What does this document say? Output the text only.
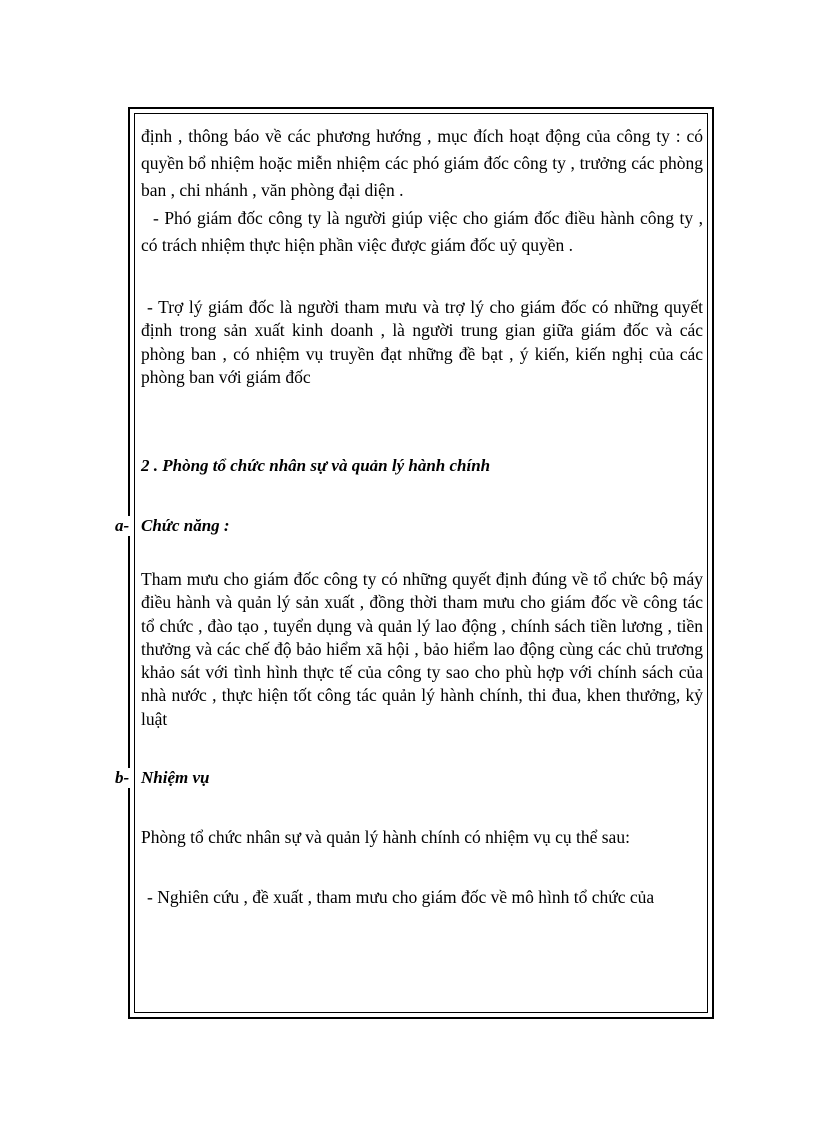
định , thông báo về các phương hướng , mục đích hoạt động của công ty : có quyền bổ nhiệm hoặc miễn nhiệm các phó giám đốc công ty , trưởng các phòng ban , chi nhánh , văn phòng đại diện .
- Phó giám đốc công ty là người giúp việc cho giám đốc điều hành công ty , có trách nhiệm thực hiện phần việc được giám đốc uỷ quyền .
- Trợ lý giám đốc là người tham mưu và trợ lý cho giám đốc có những quyết định trong sản xuất kinh doanh , là người trung gian giữa giám đốc và các phòng ban , có nhiệm vụ truyền đạt những đề bạt , ý kiến, kiến nghị của các phòng ban với giám đốc
2 . Phòng tổ chức nhân sự và quản lý hành chính
a- Chức năng :
Tham mưu cho giám đốc công ty có những quyết định đúng về tổ chức bộ máy điều hành và quản lý sản xuất , đồng thời tham mưu cho giám đốc về công tác tổ chức , đào tạo , tuyển dụng và quản lý lao động , chính sách tiền lương , tiền thưởng và các chế độ bảo hiểm xã hội , bảo hiểm lao động cùng các chủ trương khảo sát với tình hình thực tế của công ty sao cho phù hợp với chính sách của nhà nước , thực hiện tốt công tác quản lý hành chính, thi đua, khen thưởng, kỷ luật
b- Nhiệm vụ
Phòng tổ chức nhân sự và quản lý hành chính có nhiệm vụ cụ thể sau:
- Nghiên cứu , đề xuất , tham mưu cho giám đốc về mô hình tổ chức của
